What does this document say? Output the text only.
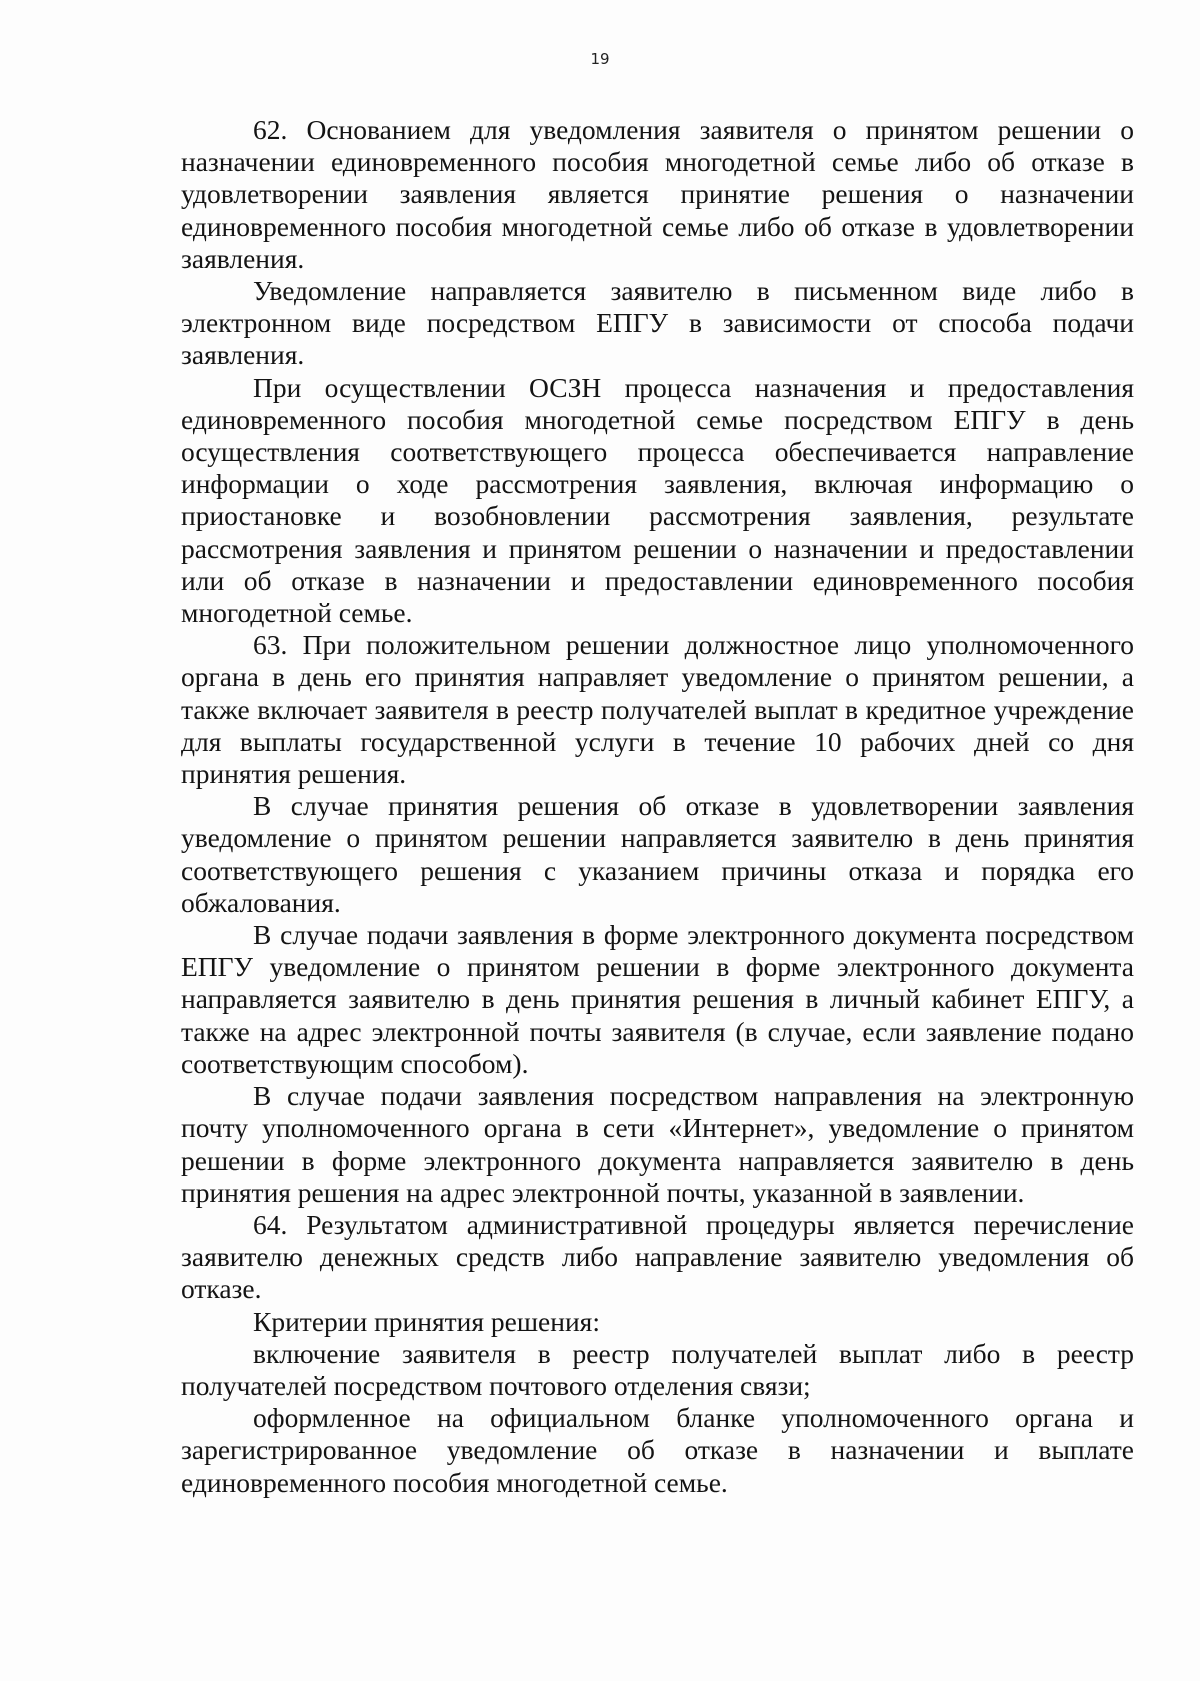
19

62. Основанием для уведомления заявителя о принятом решении о назначении единовременного пособия многодетной семье либо об отказе в удовлетворении заявления является принятие решения о назначении единовременного пособия многодетной семье либо об отказе в удовлетворении заявления.

Уведомление направляется заявителю в письменном виде либо в электронном виде посредством ЕПГУ в зависимости от способа подачи заявления.

При осуществлении ОСЗН процесса назначения и предоставления единовременного пособия многодетной семье посредством ЕПГУ в день осуществления соответствующего процесса обеспечивается направление информации о ходе рассмотрения заявления, включая информацию о приостановке и возобновлении рассмотрения заявления, результате рассмотрения заявления и принятом решении о назначении и предоставлении или об отказе в назначении и предоставлении единовременного пособия многодетной семье.

63. При положительном решении должностное лицо уполномоченного органа в день его принятия направляет уведомление о принятом решении, а также включает заявителя в реестр получателей выплат в кредитное учреждение для выплаты государственной услуги в течение 10 рабочих дней со дня принятия решения.

В случае принятия решения об отказе в удовлетворении заявления уведомление о принятом решении направляется заявителю в день принятия соответствующего решения с указанием причины отказа и порядка его обжалования.

В случае подачи заявления в форме электронного документа посредством ЕПГУ уведомление о принятом решении в форме электронного документа направляется заявителю в день принятия решения в личный кабинет ЕПГУ, а также на адрес электронной почты заявителя (в случае, если заявление подано соответствующим способом).

В случае подачи заявления посредством направления на электронную почту уполномоченного органа в сети «Интернет», уведомление о принятом решении в форме электронного документа направляется заявителю в день принятия решения на адрес электронной почты, указанной в заявлении.

64. Результатом административной процедуры является перечисление заявителю денежных средств либо направление заявителю уведомления об отказе.

Критерии принятия решения:

включение заявителя в реестр получателей выплат либо в реестр получателей посредством почтового отделения связи;

оформленное на официальном бланке уполномоченного органа и зарегистрированное уведомление об отказе в назначении и выплате единовременного пособия многодетной семье.
